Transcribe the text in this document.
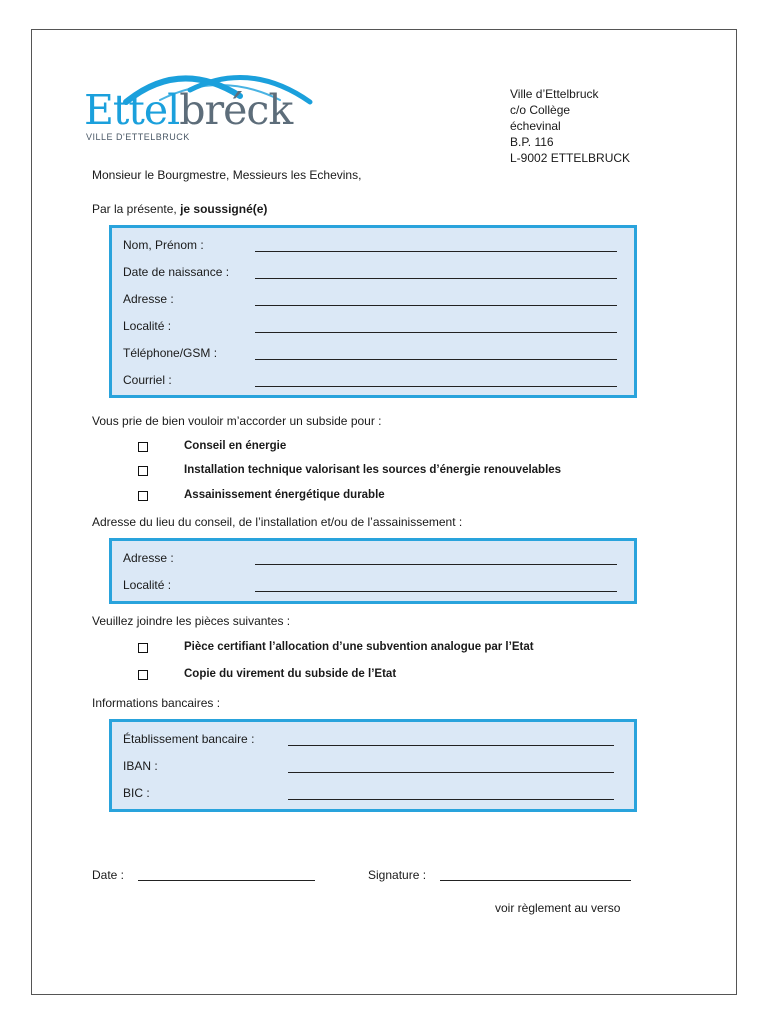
Ettelbréck
VILLE D'ETTELBRUCK
Ville d’Ettelbruck
c/o Collège
échevinal
B.P. 116
L-9002 ETTELBRUCK
Monsieur le Bourgmestre, Messieurs les Echevins,
Par la présente, je soussigné(e)
Nom, Prénom :
Date de naissance :
Adresse :
Localité :
Téléphone/GSM :
Courriel :
Vous prie de bien vouloir m’accorder un subside pour :
Conseil en énergie
Installation technique valorisant les sources d’énergie renouvelables
Assainissement énergétique durable
Adresse du lieu du conseil, de l’installation et/ou de l’assainissement :
Adresse :
Localité :
Veuillez joindre les pièces suivantes :
Pièce certifiant l’allocation d’une subvention analogue par l’Etat
Copie du virement du subside de l’Etat
Informations bancaires :
Établissement bancaire :
IBAN :
BIC :
Date :	Signature :
voir règlement au verso
